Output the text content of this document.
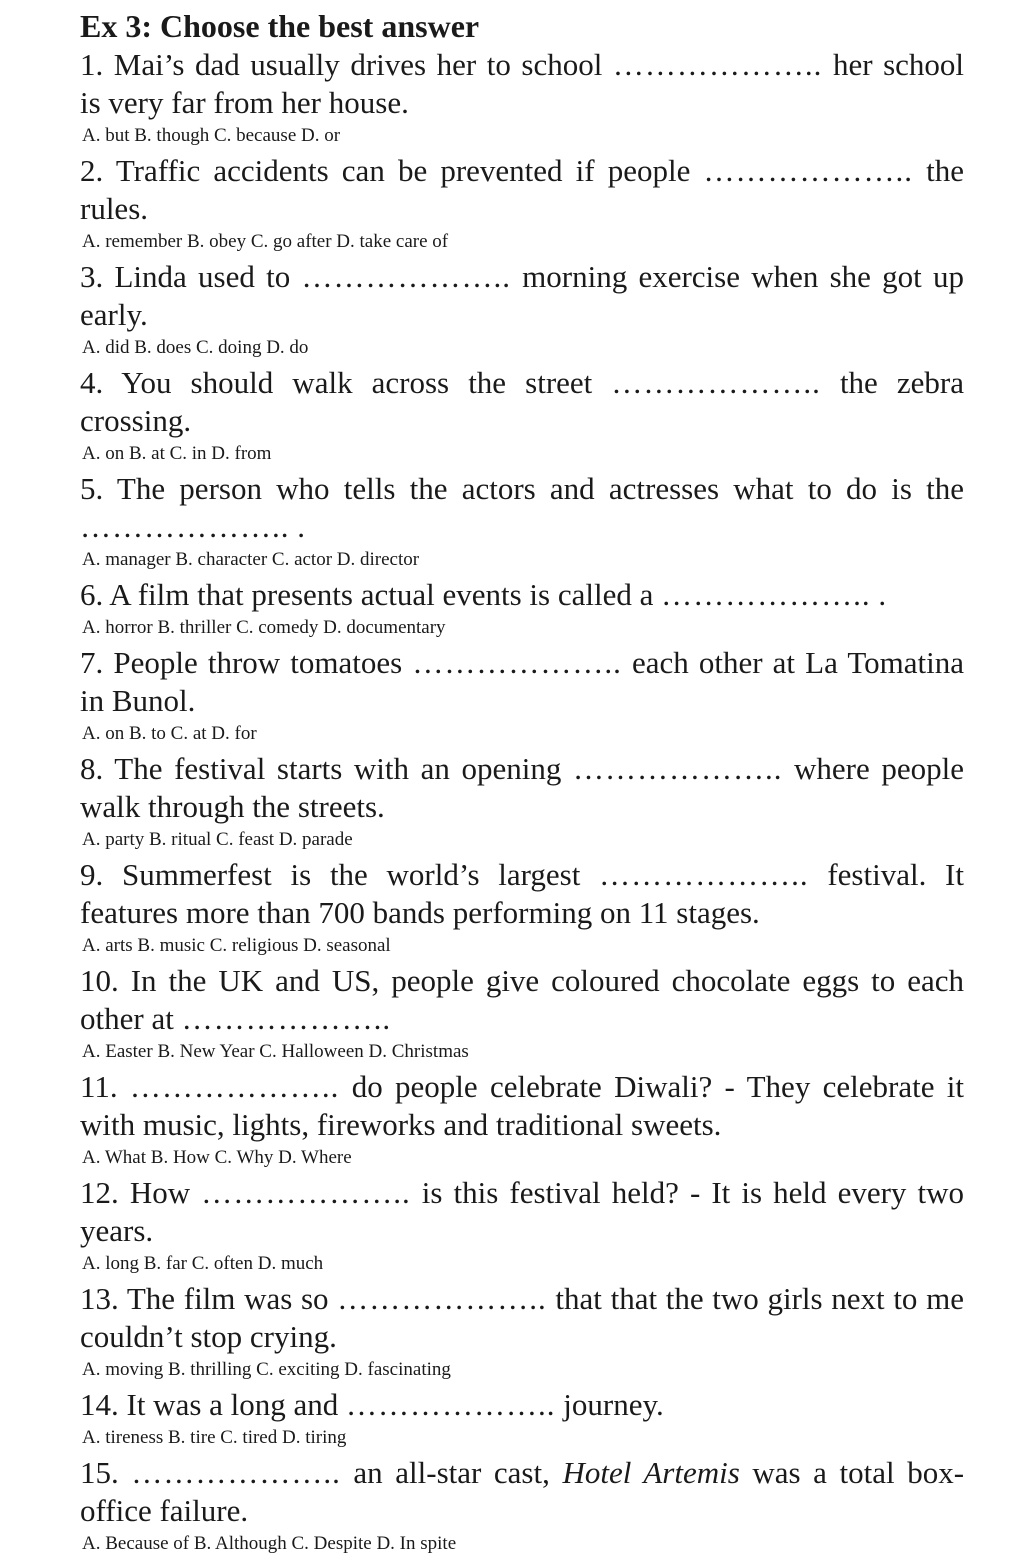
Ex 3: Choose the best answer

1. Mai’s dad usually drives her to school ………………..	her school is very far from her house.

A. but B. though C. because D. or

2. Traffic accidents can be prevented if people ………………..	the rules.

A. remember B. obey C. go after D. take care of

3. Linda used to ………………..	morning exercise when she got up early.

A. did B. does C. doing D. do

4. You should walk across the street ………………..	the zebra crossing.

A. on B. at C. in D. from

5. The person who tells the actors and actresses what to do is the ……………….. .

A. manager B. character C. actor D. director

6. A film that presents actual events is called a ………………..	.

A. horror B. thriller C. comedy D. documentary

7. People throw tomatoes ………………..	each other at La Tomatina in Bunol.

A. on B. to C. at D. for

8. The festival starts with an opening ………………..	where people walk through the streets.

A. party B. ritual C. feast D. parade

9. Summerfest is the world’s largest ………………..	festival. It features more than 700 bands performing on 11 stages.

A. arts B. music C. religious D. seasonal

10. In the UK and US, people give coloured chocolate eggs to each other at ………………..

A. Easter B. New Year C. Halloween D. Christmas

11. ………………..	do people celebrate Diwali? - They celebrate it with music, lights, fireworks and traditional sweets.

A. What B. How C. Why D. Where

12. How ………………..	is this festival held? - It is held every two years.

A. long B. far C. often D. much

13. The film was so ………………..	that that the two girls next to me couldn’t stop crying.

A. moving B. thrilling C. exciting D. fascinating

14. It was a long and ………………..	journey.

A. tireness B. tire C. tired D. tiring

15. ………………..	an all-star cast, Hotel Artemis was a total box-office failure.

A. Because of B. Although C. Despite D. In spite
